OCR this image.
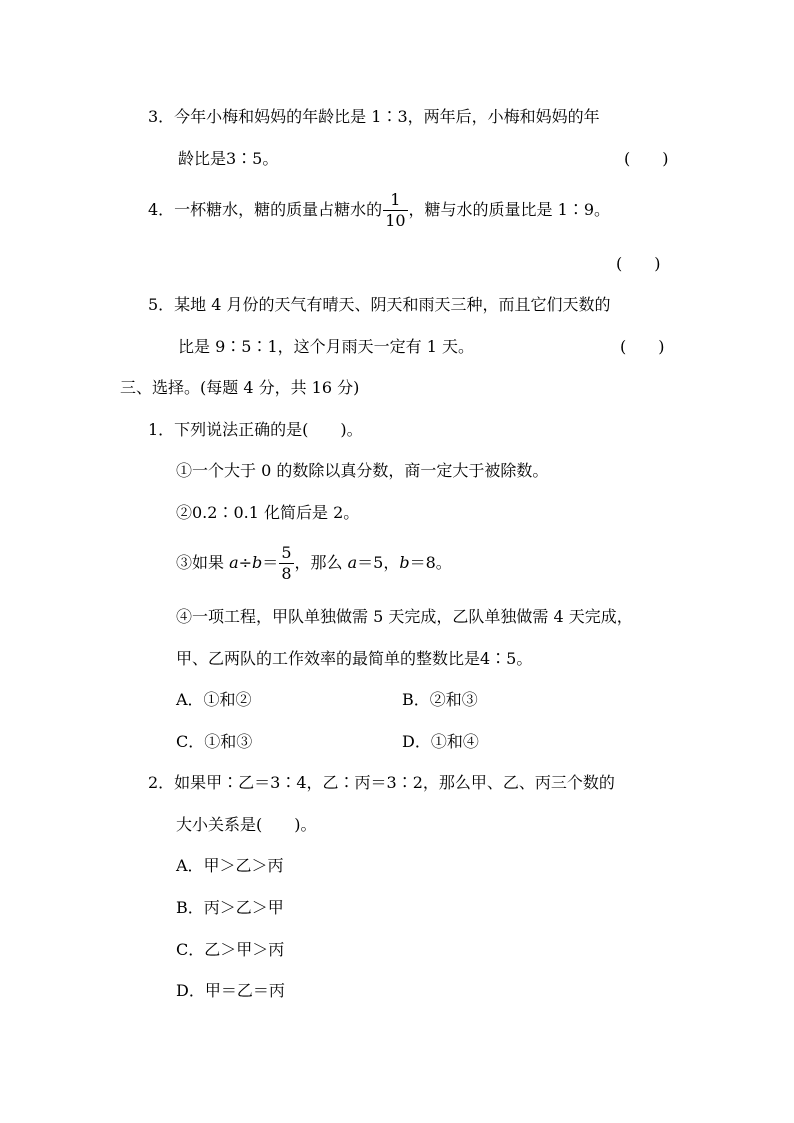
3．今年小梅和妈妈的年龄比是 1∶3，两年后，小梅和妈妈的年
龄比是3∶5。	(　　)
4．一杯糖水，糖的质量占糖水的 $\frac{1}{10}$ ，糖与水的质量比是 1∶9。
(　　)
5．某地 4 月份的天气有晴天、阴天和雨天三种，而且它们天数的
比是 9∶5∶1，这个月雨天一定有 1 天。	(　　)
三、选择。(每题 4 分，共 16 分)
1．下列说法正确的是(　　)。
①一个大于 0 的数除以真分数，商一定大于被除数。
②0.2∶0.1 化简后是 2。
③如果 $a\div b= \frac{5}{8}$ ，那么 a＝5，b＝8。
④一项工程，甲队单独做需 5 天完成，乙队单独做需 4 天完成，
甲、乙两队的工作效率的最简单的整数比是4∶5。
A．①和②	B．②和③
C．①和③	D．①和④
2．如果甲∶乙＝3∶4，乙∶丙＝3∶2，那么甲、乙、丙三个数的
大小关系是(　　)。
A．甲＞乙＞丙
B．丙＞乙＞甲
C．乙＞甲＞丙
D．甲＝乙＝丙
